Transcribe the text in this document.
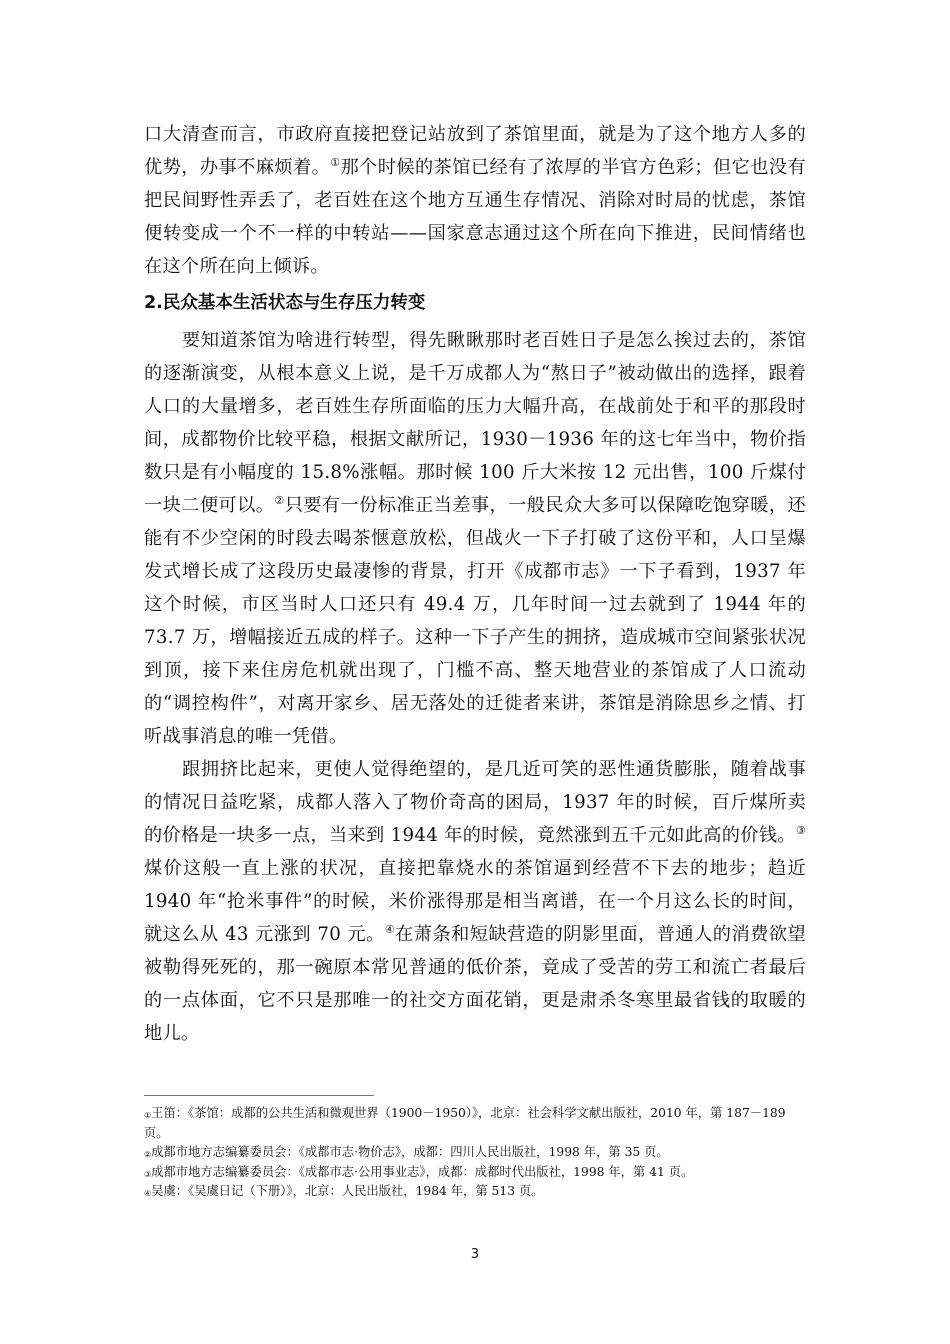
口大清查而言，市政府直接把登记站放到了茶馆里面，就是为了这个地方人多的优势，办事不麻烦着。①那个时候的茶馆已经有了浓厚的半官方色彩；但它也没有把民间野性弄丢了，老百姓在这个地方互通生存情况、消除对时局的忧虑，茶馆便转变成一个不一样的中转站——国家意志通过这个所在向下推进，民间情绪也在这个所在向上倾诉。

2.民众基本生活状态与生存压力转变

要知道茶馆为啥进行转型，得先瞅瞅那时老百姓日子是怎么挨过去的，茶馆的逐渐演变，从根本意义上说，是千万成都人为“熬日子”被动做出的选择，跟着人口的大量增多，老百姓生存所面临的压力大幅升高，在战前处于和平的那段时间，成都物价比较平稳，根据文献所记，1930－1936 年的这七年当中，物价指数只是有小幅度的 15.8%涨幅。那时候 100 斤大米按 12 元出售，100 斤煤付一块二便可以。②只要有一份标准正当差事，一般民众大多可以保障吃饱穿暖，还能有不少空闲的时段去喝茶惬意放松，但战火一下子打破了这份平和，人口呈爆发式增长成了这段历史最凄惨的背景，打开《成都市志》一下子看到，1937 年这个时候，市区当时人口还只有 49.4 万，几年时间一过去就到了 1944 年的 73.7 万，增幅接近五成的样子。这种一下子产生的拥挤，造成城市空间紧张状况到顶，接下来住房危机就出现了，门槛不高、整天地营业的茶馆成了人口流动的“调控构件”，对离开家乡、居无落处的迁徙者来讲，茶馆是消除思乡之情、打听战事消息的唯一凭借。

跟拥挤比起来，更使人觉得绝望的，是几近可笑的恶性通货膨胀，随着战事的情况日益吃紧，成都人落入了物价奇高的困局，1937 年的时候，百斤煤所卖的价格是一块多一点，当来到 1944 年的时候，竟然涨到五千元如此高的价钱。③煤价这般一直上涨的状况，直接把靠烧水的茶馆逼到经营不下去的地步；趋近 1940 年“抢米事件”的时候，米价涨得那是相当离谱，在一个月这么长的时间，就这么从 43 元涨到 70 元。④在萧条和短缺营造的阴影里面，普通人的消费欲望被勒得死死的，那一碗原本常见普通的低价茶，竟成了受苦的劳工和流亡者最后的一点体面，它不只是那唯一的社交方面花销，更是肃杀冬寒里最省钱的取暖的地儿。

①王笛：《茶馆：成都的公共生活和微观世界（1900－1950）》，北京：社会科学文献出版社，2010 年，第 187－189 页。

②成都市地方志编纂委员会：《成都市志·物价志》，成都：四川人民出版社，1998 年，第 35 页。

③成都市地方志编纂委员会：《成都市志·公用事业志》，成都：成都时代出版社，1998 年，第 41 页。

④吴虞：《吴虞日记（下册）》，北京：人民出版社，1984 年，第 513 页。

3
